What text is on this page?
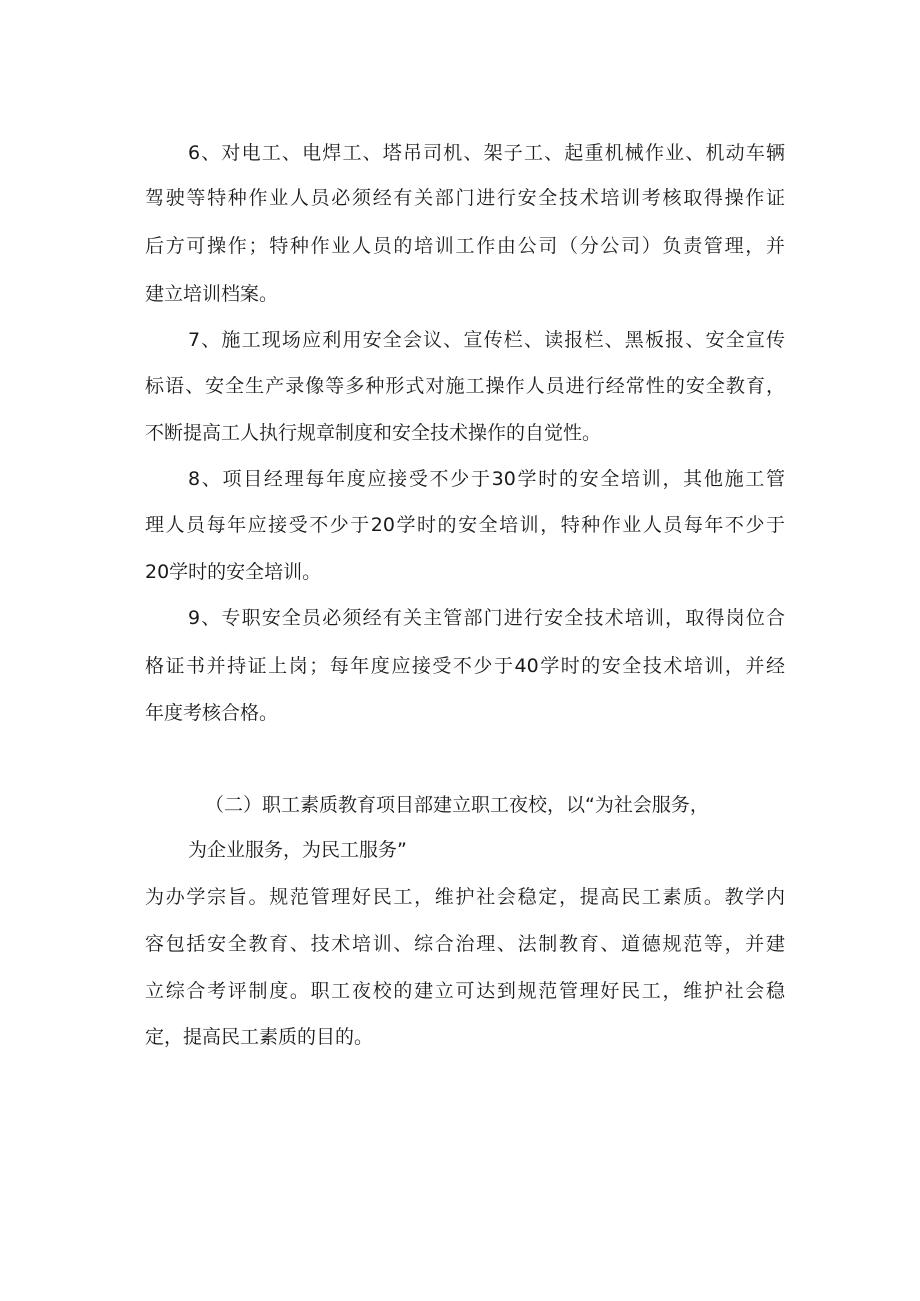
6、对电工、电焊工、塔吊司机、架子工、起重机械作业、机动车辆
驾驶等特种作业人员必须经有关部门进行安全技术培训考核取得操作证
后方可操作；特种作业人员的培训工作由公司（分公司）负责管理，并
建立培训档案。
7、施工现场应利用安全会议、宣传栏、读报栏、黑板报、安全宣传
标语、安全生产录像等多种形式对施工操作人员进行经常性的安全教育，
不断提高工人执行规章制度和安全技术操作的自觉性。
8、项目经理每年度应接受不少于30学时的安全培训，其他施工管
理人员每年应接受不少于20学时的安全培训，特种作业人员每年不少于
20学时的安全培训。
9、专职安全员必须经有关主管部门进行安全技术培训，取得岗位合
格证书并持证上岗；每年度应接受不少于40学时的安全技术培训，并经
年度考核合格。
（二）职工素质教育项目部建立职工夜校，以“为社会服务，
为企业服务，为民工服务”
为办学宗旨。规范管理好民工，维护社会稳定，提高民工素质。教学内
容包括安全教育、技术培训、综合治理、法制教育、道德规范等，并建
立综合考评制度。职工夜校的建立可达到规范管理好民工，维护社会稳
定，提高民工素质的目的。
